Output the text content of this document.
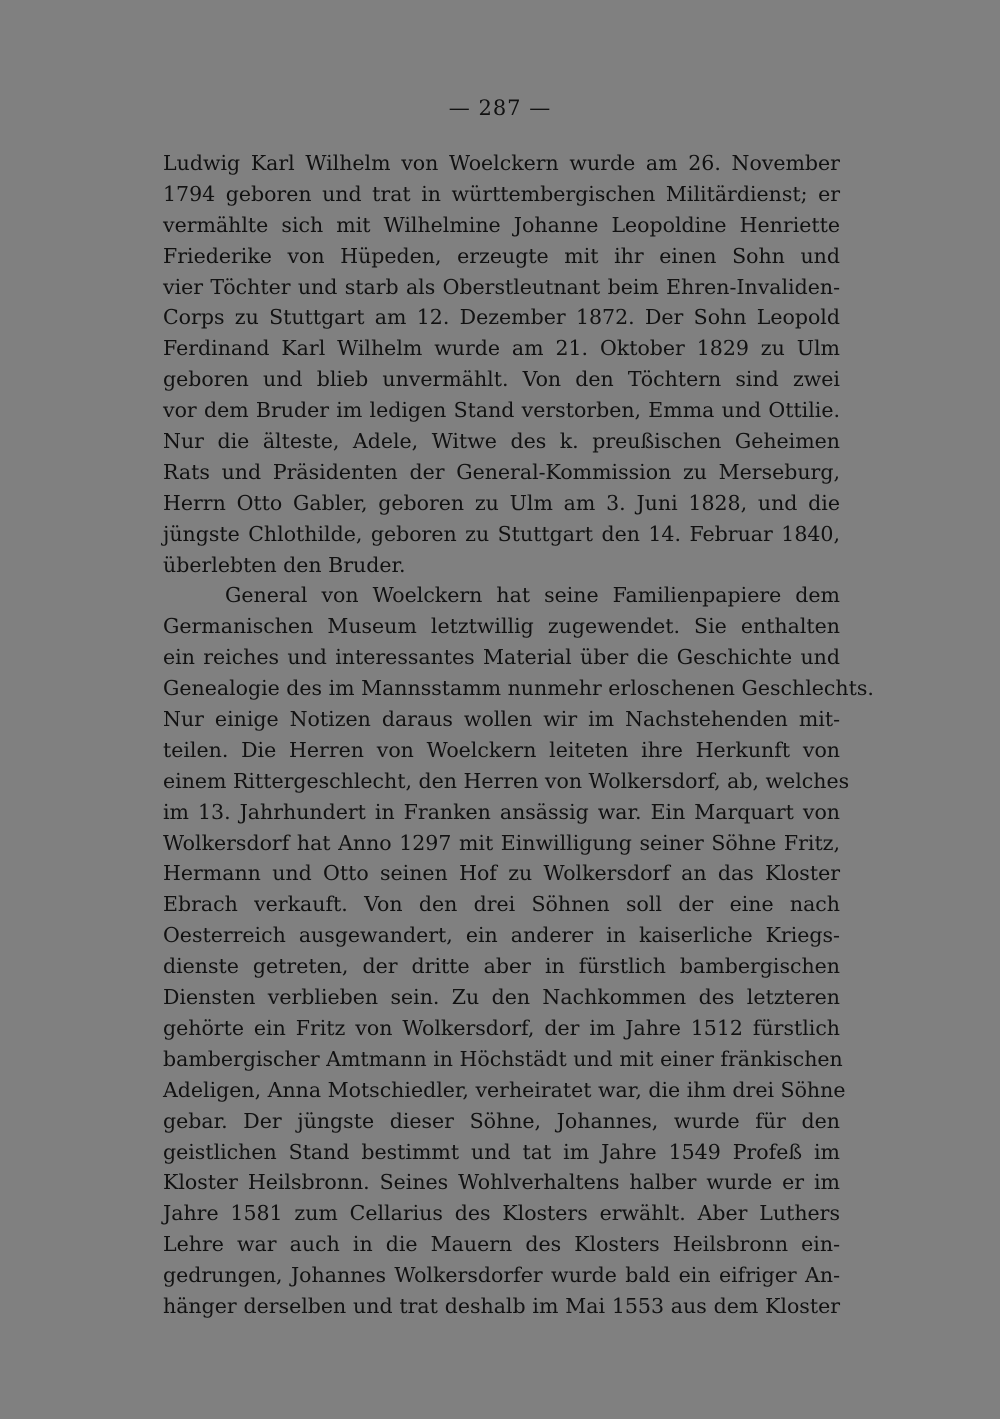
— 287 —
Ludwig Karl Wilhelm von Woelckern wurde am 26. November
1794 geboren und trat in württembergischen Militärdienst; er
vermählte sich mit Wilhelmine Johanne Leopoldine Henriette
Friederike von Hüpeden, erzeugte mit ihr einen Sohn und
vier Töchter und starb als Oberstleutnant beim Ehren-Invaliden-
Corps zu Stuttgart am 12. Dezember 1872. Der Sohn Leopold
Ferdinand Karl Wilhelm wurde am 21. Oktober 1829 zu Ulm
geboren und blieb unvermählt. Von den Töchtern sind zwei
vor dem Bruder im ledigen Stand verstorben, Emma und Ottilie.
Nur die älteste, Adele, Witwe des k. preußischen Geheimen
Rats und Präsidenten der General-Kommission zu Merseburg,
Herrn Otto Gabler, geboren zu Ulm am 3. Juni 1828, und die
jüngste Chlothilde, geboren zu Stuttgart den 14. Februar 1840,
überlebten den Bruder.
General von Woelckern hat seine Familienpapiere dem
Germanischen Museum letztwillig zugewendet. Sie enthalten
ein reiches und interessantes Material über die Geschichte und
Genealogie des im Mannsstamm nunmehr erloschenen Geschlechts.
Nur einige Notizen daraus wollen wir im Nachstehenden mit-
teilen. Die Herren von Woelckern leiteten ihre Herkunft von
einem Rittergeschlecht, den Herren von Wolkersdorf, ab, welches
im 13. Jahrhundert in Franken ansässig war. Ein Marquart von
Wolkersdorf hat Anno 1297 mit Einwilligung seiner Söhne Fritz,
Hermann und Otto seinen Hof zu Wolkersdorf an das Kloster
Ebrach verkauft. Von den drei Söhnen soll der eine nach
Oesterreich ausgewandert, ein anderer in kaiserliche Kriegs-
dienste getreten, der dritte aber in fürstlich bambergischen
Diensten verblieben sein. Zu den Nachkommen des letzteren
gehörte ein Fritz von Wolkersdorf, der im Jahre 1512 fürstlich
bambergischer Amtmann in Höchstädt und mit einer fränkischen
Adeligen, Anna Motschiedler, verheiratet war, die ihm drei Söhne
gebar. Der jüngste dieser Söhne, Johannes, wurde für den
geistlichen Stand bestimmt und tat im Jahre 1549 Profeß im
Kloster Heilsbronn. Seines Wohlverhaltens halber wurde er im
Jahre 1581 zum Cellarius des Klosters erwählt. Aber Luthers
Lehre war auch in die Mauern des Klosters Heilsbronn ein-
gedrungen, Johannes Wolkersdorfer wurde bald ein eifriger An-
hänger derselben und trat deshalb im Mai 1553 aus dem Kloster
